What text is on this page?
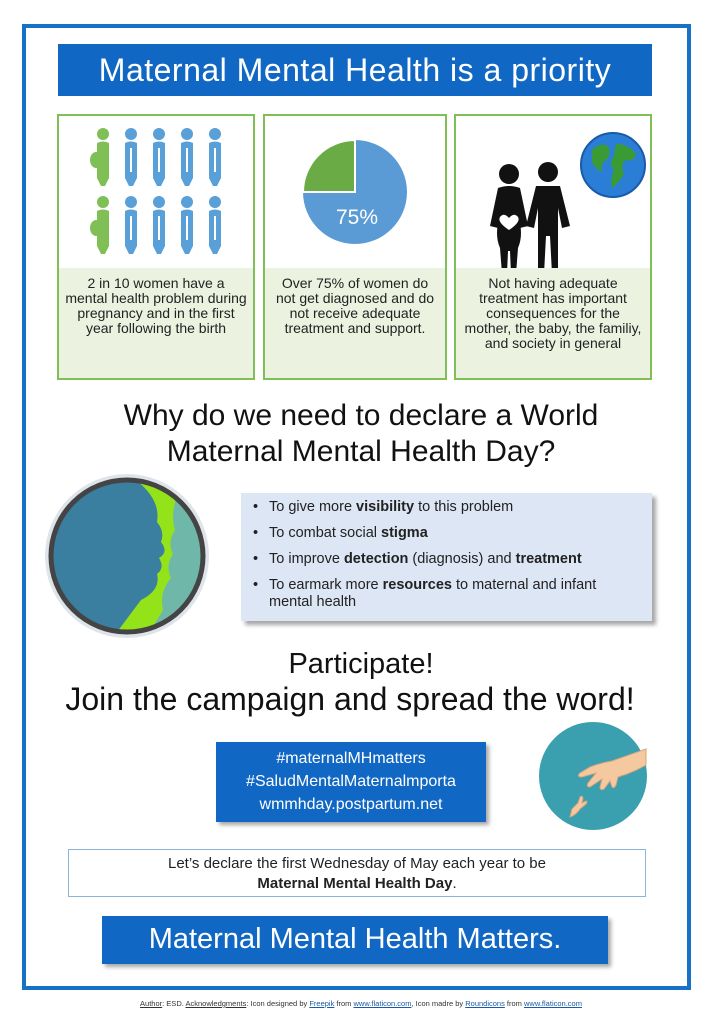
Maternal Mental Health is a priority
2 in 10 women have a mental health problem during pregnancy and in the first year following the birth
75%
Over 75% of women do not get diagnosed and do not receive adequate treatment and support.
Not having adequate treatment has important consequences for the mother, the baby, the familiy, and society in general
Why do we need to declare a World
Maternal Mental Health Day?
• To give more visibility to this problem
• To combat social stigma
• To improve detection (diagnosis) and treatment
• To earmark more resources to maternal and infant mental health
Participate!
Join the campaign and spread the word!
#maternalMHmatters
#SaludMentalMaternalmporta
wmmhday.postpartum.net
Let’s declare the first Wednesday of May each year to be
Maternal Mental Health Day.
Maternal Mental Health Matters.
Author: ESD. Acknowledgments: Icon designed by Freepik from www.flaticon.com, Icon madre by Roundicons from www.flaticon.com
